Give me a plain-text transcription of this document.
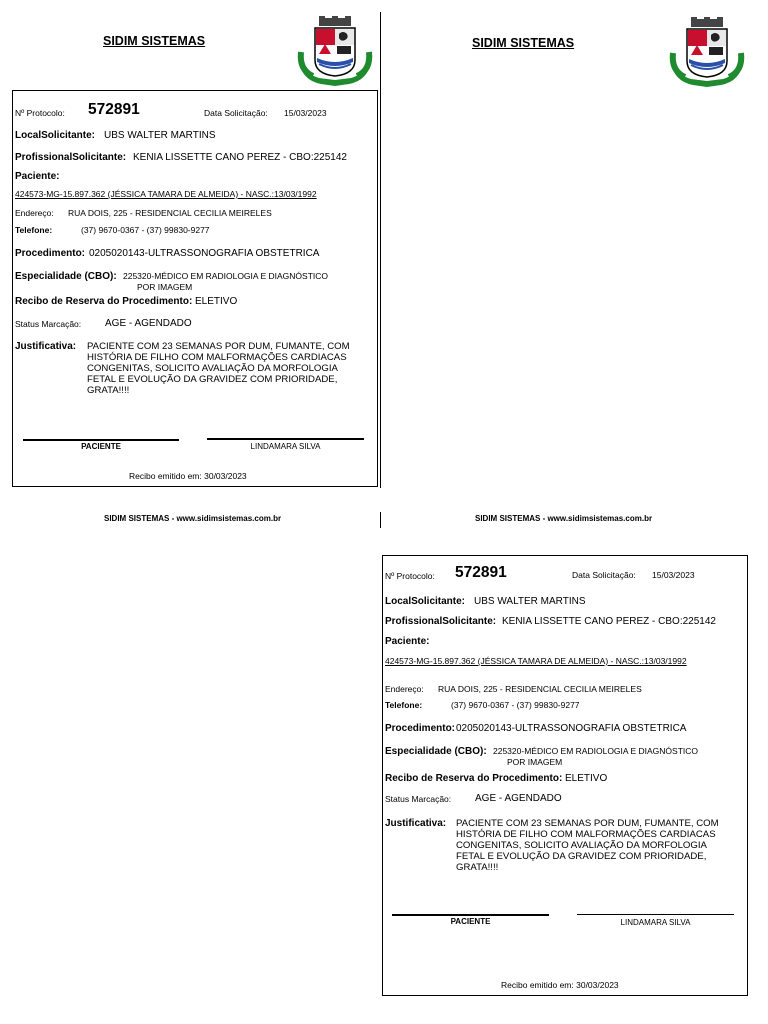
SIDIM SISTEMAS	SIDIM SISTEMAS
SIDIM SISTEMAS - www.sidimsistemas.com.br	SIDIM SISTEMAS - www.sidimsistemas.com.br
Nº Protocolo: 572891	Data Solicitação: 15/03/2023
LocalSolicitante: UBS WALTER MARTINS
ProfissionalSolicitante: KENIA LISSETTE CANO PEREZ - CBO:225142
Paciente:
424573-MG-15.897.362 (JÉSSICA TAMARA DE ALMEIDA) - NASC.:13/03/1992
Endereço: RUA DOIS, 225 - RESIDENCIAL CECILIA MEIRELES
Telefone:	(37) 9670-0367 - (37) 99830-9277
Procedimento: 0205020143-ULTRASSONOGRAFIA OBSTETRICA
Especialidade (CBO): 225320-MÉDICO EM RADIOLOGIA E DIAGNÓSTICO
POR IMAGEM
Recibo de Reserva do Procedimento: ELETIVO
Status Marcação: AGE - AGENDADO
Justificativa: PACIENTE COM 23 SEMANAS POR DUM, FUMANTE, COM
HISTÓRIA DE FILHO COM MALFORMAÇÕES CARDIACAS
CONGENITAS, SOLICITO AVALIAÇÃO DA MORFOLOGIA
FETAL E EVOLUÇÃO DA GRAVIDEZ COM PRIORIDADE,
GRATA!!!!
PACIENTE	LINDAMARA SILVA
Recibo emitido em: 30/03/2023
Nº Protocolo: 572891	Data Solicitação: 15/03/2023
LocalSolicitante: UBS WALTER MARTINS
ProfissionalSolicitante: KENIA LISSETTE CANO PEREZ - CBO:225142
Paciente:
424573-MG-15.897.362 (JÉSSICA TAMARA DE ALMEIDA) - NASC.:13/03/1992
Endereço: RUA DOIS, 225 - RESIDENCIAL CECILIA MEIRELES
Telefone:	(37) 9670-0367 - (37) 99830-9277
Procedimento: 0205020143-ULTRASSONOGRAFIA OBSTETRICA
Especialidade (CBO): 225320-MÉDICO EM RADIOLOGIA E DIAGNÓSTICO
POR IMAGEM
Recibo de Reserva do Procedimento: ELETIVO
Status Marcação: AGE - AGENDADO
Justificativa: PACIENTE COM 23 SEMANAS POR DUM, FUMANTE, COM
HISTÓRIA DE FILHO COM MALFORMAÇÕES CARDIACAS
CONGENITAS, SOLICITO AVALIAÇÃO DA MORFOLOGIA
FETAL E EVOLUÇÃO DA GRAVIDEZ COM PRIORIDADE,
GRATA!!!!
PACIENTE	LINDAMARA SILVA
Recibo emitido em: 30/03/2023
